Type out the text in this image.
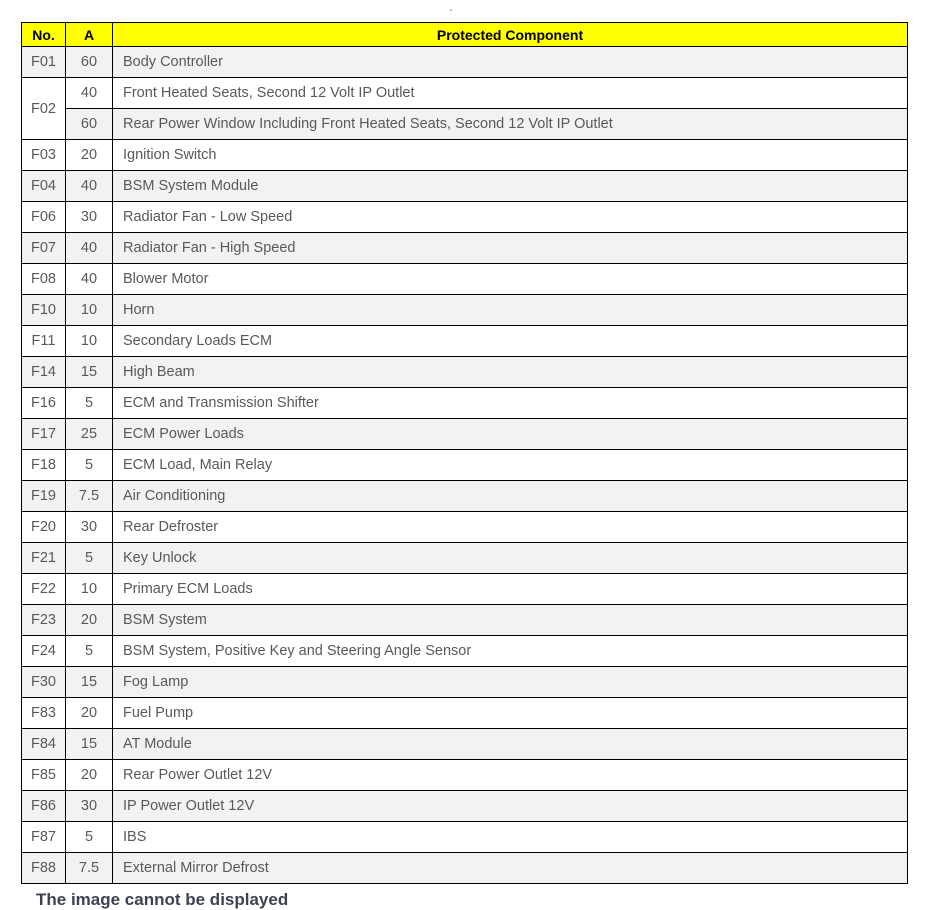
.
No.	A	Protected Component
F01	60	Body Controller
F02	40	Front Heated Seats, Second 12 Volt IP Outlet
	60	Rear Power Window Including Front Heated Seats, Second 12 Volt IP Outlet
F03	20	Ignition Switch
F04	40	BSM System Module
F06	30	Radiator Fan - Low Speed
F07	40	Radiator Fan - High Speed
F08	40	Blower Motor
F10	10	Horn
F11	10	Secondary Loads ECM
F14	15	High Beam
F16	5	ECM and Transmission Shifter
F17	25	ECM Power Loads
F18	5	ECM Load, Main Relay
F19	7.5	Air Conditioning
F20	30	Rear Defroster
F21	5	Key Unlock
F22	10	Primary ECM Loads
F23	20	BSM System
F24	5	BSM System, Positive Key and Steering Angle Sensor
F30	15	Fog Lamp
F83	20	Fuel Pump
F84	15	AT Module
F85	20	Rear Power Outlet 12V
F86	30	IP Power Outlet 12V
F87	5	IBS
F88	7.5	External Mirror Defrost
The image cannot be displayed
